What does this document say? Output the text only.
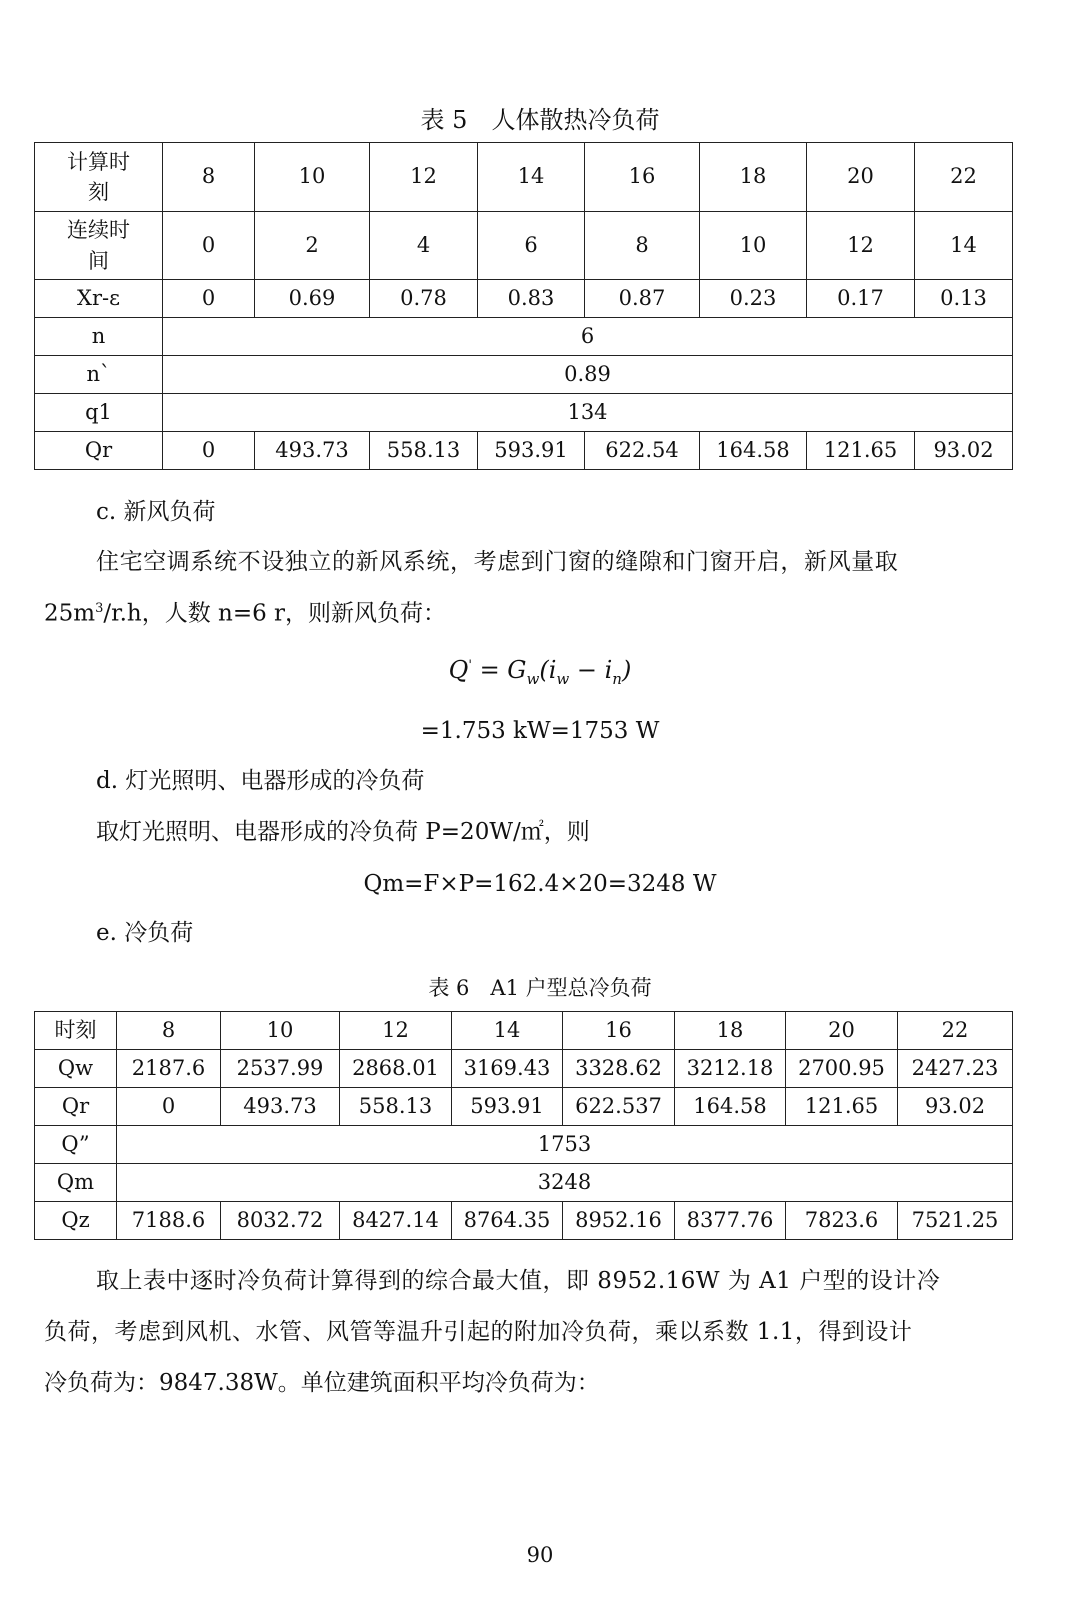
表 5　人体散热冷负荷
计算时刻	8	10	12	14	16	18	20	22
连续时间	0	2	4	6	8	10	12	14
Xr-ε	0	0.69	0.78	0.83	0.87	0.23	0.17	0.13
n	6							
n`	0.89							
q1	134							
Qr	0	493.73	558.13	593.91	622.54	164.58	121.65	93.02
c. 新风负荷
住宅空调系统不设独立的新风系统，考虑到门窗的缝隙和门窗开启，新风量取
$25m^3/r.h$，人数 n=6 r，则新风负荷：
$Q' = G_w(i_w - i_n)$
=1.753 kW=1753 W
d. 灯光照明、电器形成的冷负荷
取灯光照明、电器形成的冷负荷 P=20W/㎡，则
Qm=F×P=162.4×20=3248 W
e. 冷负荷
表 6　A1 户型总冷负荷
时刻	8	10	12	14	16	18	20	22
Qw	2187.6	2537.99	2868.01	3169.43	3328.62	3212.18	2700.95	2427.23
Qr	0	493.73	558.13	593.91	622.537	164.58	121.65	93.02
Q”	1753							
Qm	3248							
Qz	7188.6	8032.72	8427.14	8764.35	8952.16	8377.76	7823.6	7521.25
取上表中逐时冷负荷计算得到的综合最大值，即 8952.16W 为 A1 户型的设计冷
负荷，考虑到风机、水管、风管等温升引起的附加冷负荷，乘以系数 1.1，得到设计
冷负荷为：9847.38W。单位建筑面积平均冷负荷为：
90
